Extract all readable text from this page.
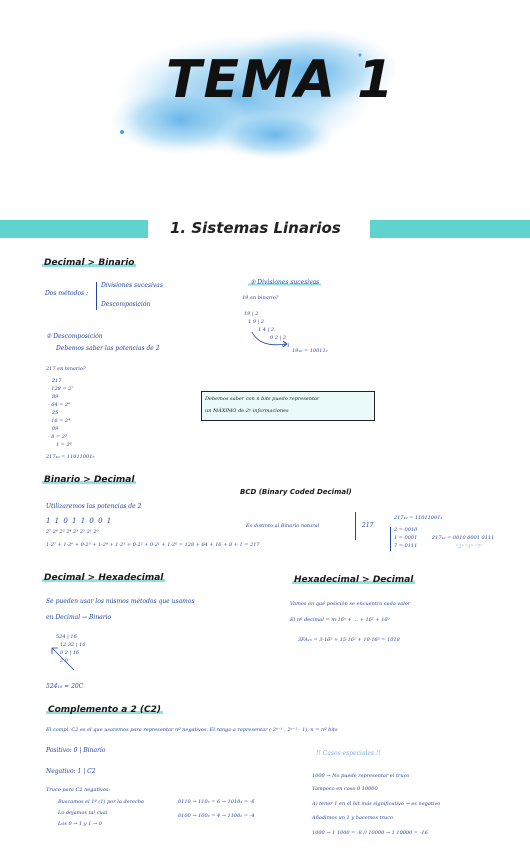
TEMA 1
1. Sistemas Linarios
Decimal > Binario
Dos métodos :
Divisiones sucesivas
Descomposición
② Descomposición
Debemos saber las potencias de 2
217 en binario?
217
- 128 = 2⁷
89
- 64 = 2⁶
25
- 16 = 2⁴
09
- 8 = 2³
1 = 2⁰
217₁₀ = 11011001₂
① Divisiones sucesivas
19 en binario?
19 | 2
1 9 | 2
1 4 | 2
0 2 | 2
0 1
19₁₀ = 10011₂
Debemos saber con n bits puedo representar
un MÁXIMO de 2ⁿ informaciones
Binario > Decimal
Utilizaremos las potencias de 2
1 1 0 1 1 0 0 1
2⁷ 2⁶ 2⁵ 2⁴ 2³ 2² 2¹ 2⁰
1·2⁷ + 1·2⁶ + 0·2⁵ + 1·2⁴ + 1·2³ + 0·2² + 0·2¹ + 1·2⁰ = 128 + 64 + 16 + 8 + 1 = 217
BCD (Binary Coded Decimal)
Es distinto al Binario natural	217
217₁₀ = 11011001₂
2 = 0010
1 = 0001
7 = 0111
217₁₀ = 0010 0001 0111
"2" "1" "7"
Decimal > Hexadecimal
Se pueden usar los mismos métodos que usamos
en Decimal → Binario
524 | 16
12 32 | 16
0 2 | 16
2 0
524₁₀ = 20C
Hexadecimal > Decimal
Vamos en qué posición se encuentra cada valor
El nº decimal = m·16ⁿ + ... + 16¹ + 16⁰
3FA₁₆ = 3·16² + 15·16¹ + 10·16⁰ = 1018
Complemento a 2 (C2)
El compl. C2 es el que usaremos para representar nº negativos. El rango a representar (-2ⁿ⁻¹ , 2ⁿ⁻¹ - 1), n = nº bits
Positivo: 0 | Binario
Negativo: 1 | C2
Truco para C2 negativos:
Buscamos el 1º (1) por la derecha
Lo dejamos tal cual
Los 0 → 1 y 1 → 0
0110 → 110₂ = 6 → 1010₂ = -6
0100 → 100₂ = 4 → 1100₂ = -4
!! Casos especiales !!
1000 → No puede representar el truco
Tampoco en caso 0 10000
A) tener 1 en el bit más significativo → es negativo
Añadimos un 1 y hacemos truco
1000 → 1 1000 = -8 // 10000 → 1 10000 = -16
